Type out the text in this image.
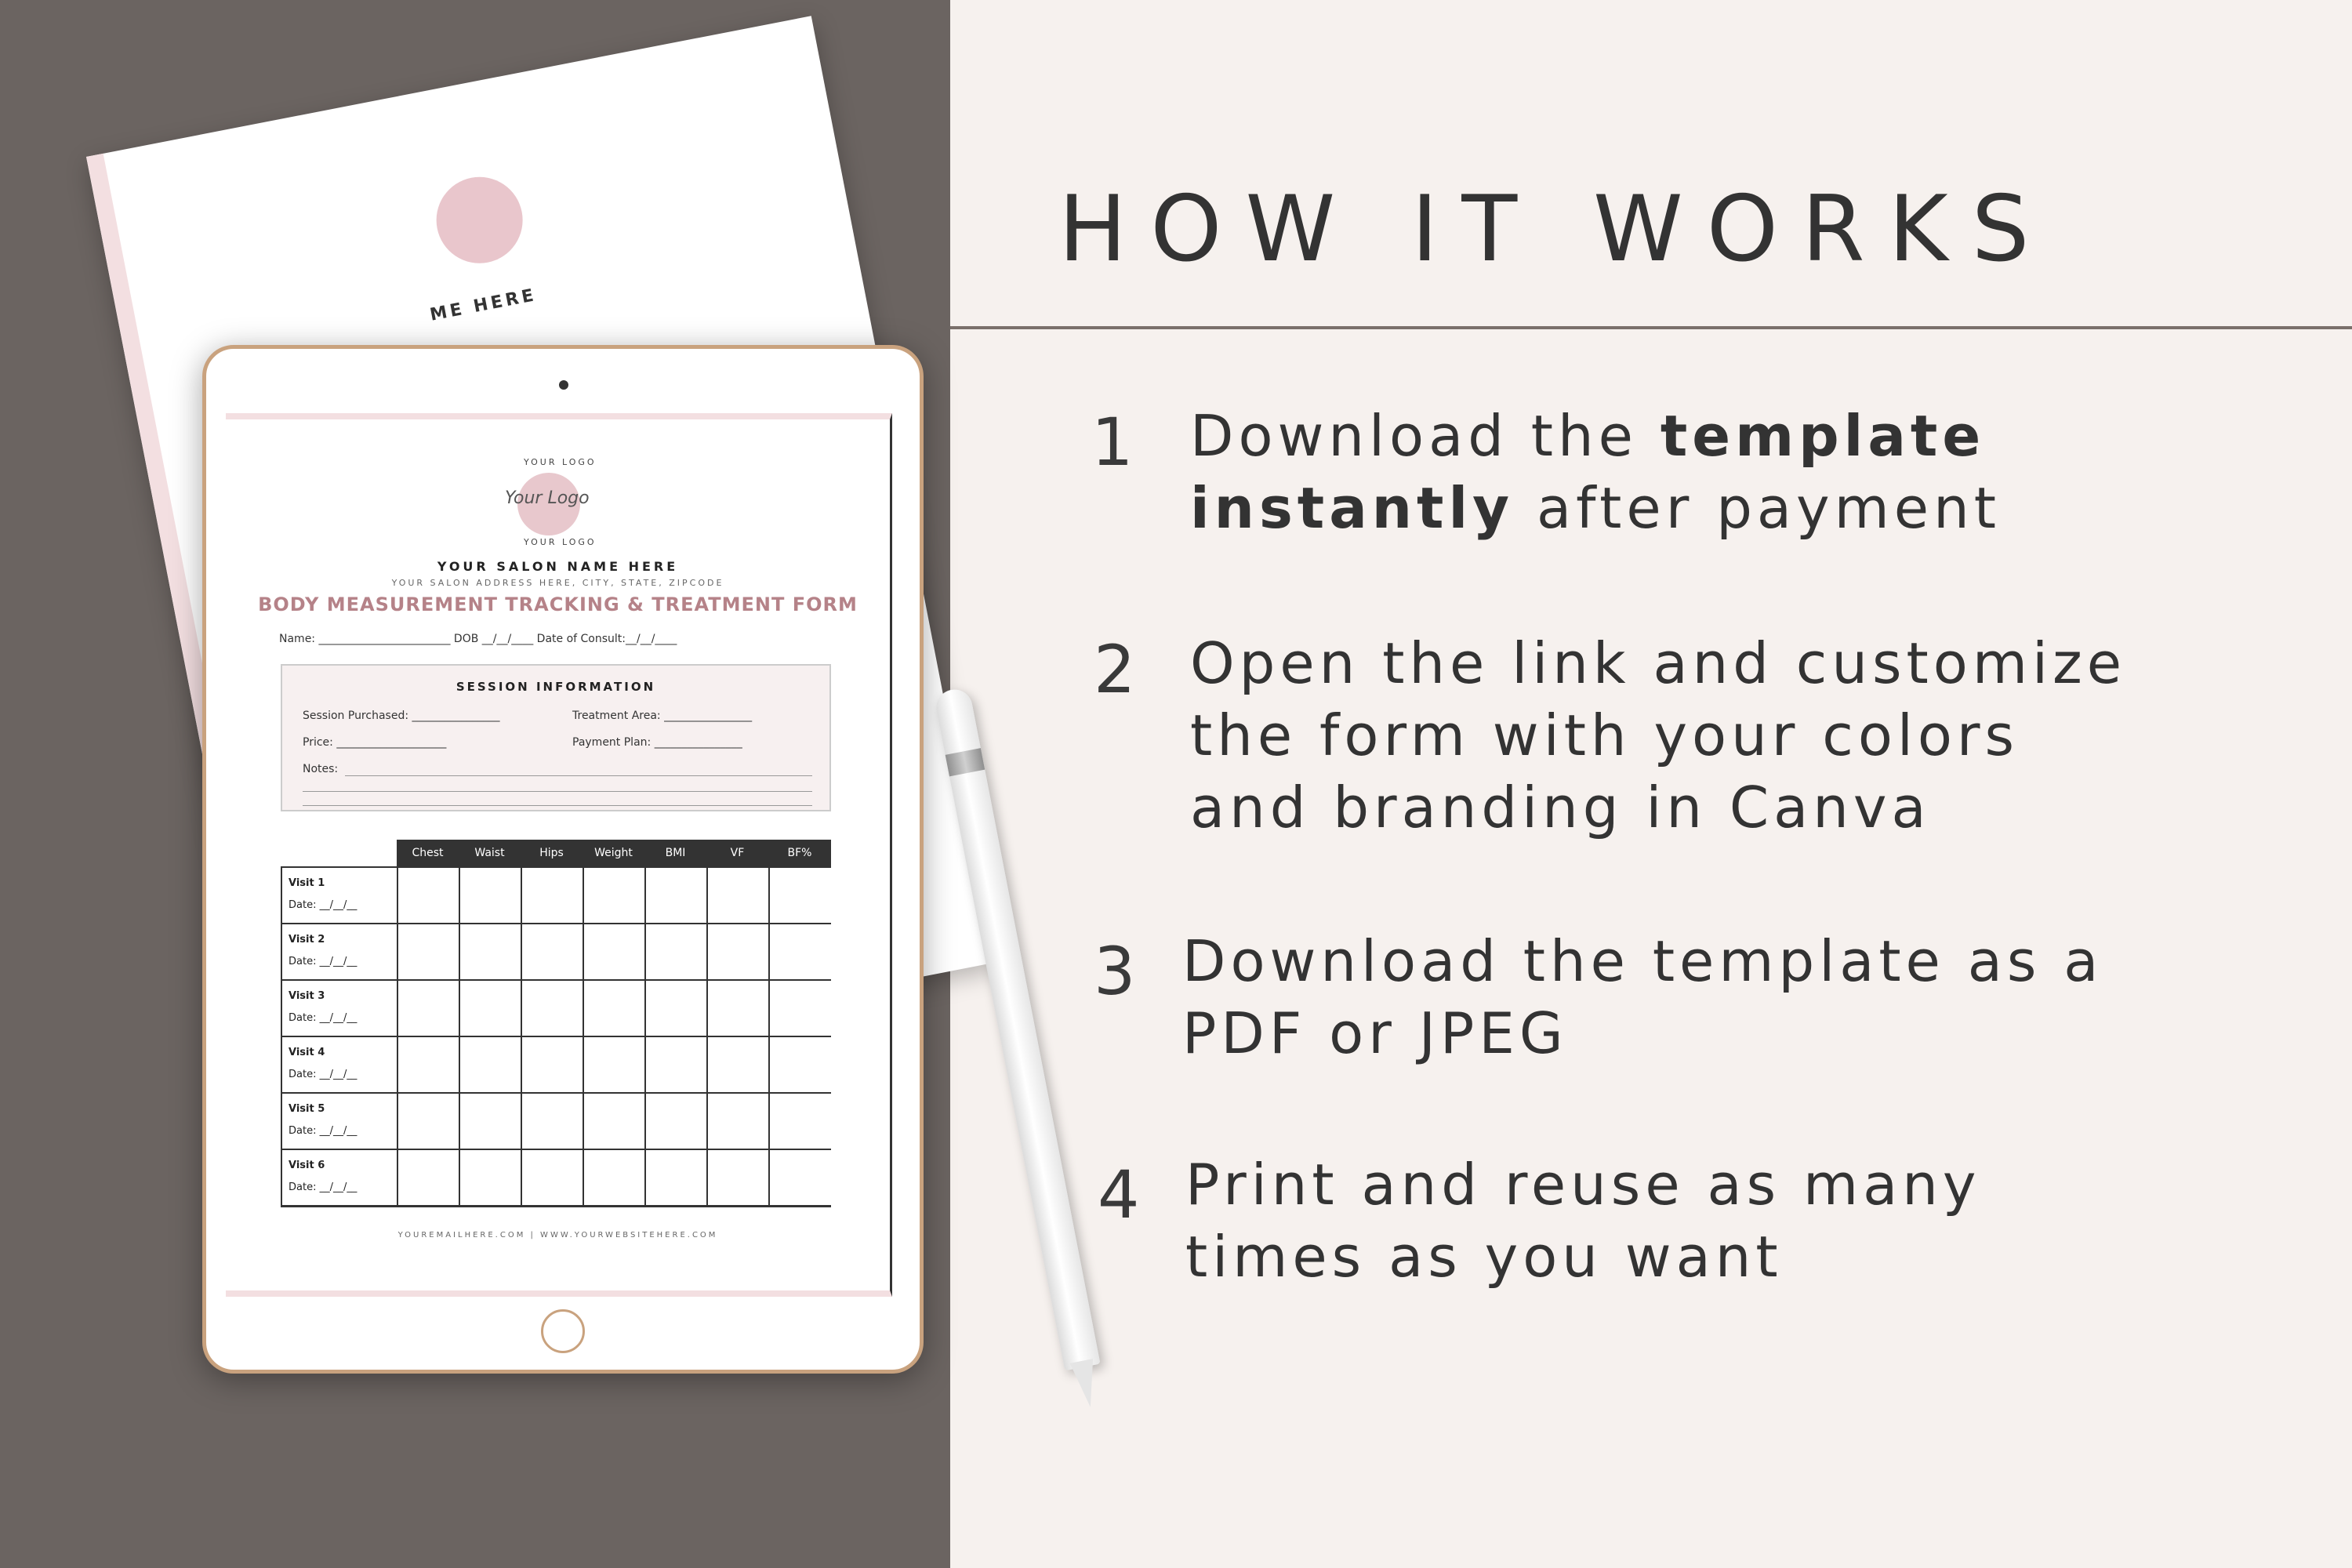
ME HERE
YOUR LOGO
Your Logo
YOUR LOGO
YOUR SALON NAME HERE
YOUR SALON ADDRESS HERE, CITY, STATE, ZIPCODE
BODY MEASUREMENT TRACKING & TREATMENT FORM
Name: ________________________ DOB __/__/____ Date of Consult:__/__/____
SESSION INFORMATION
Session Purchased: ________________	Treatment Area: ________________
Price: ____________________	Payment Plan: ________________
Notes:
Chest	Waist	Hips	Weight	BMI	VF	BF%
Visit 1
Date: __/__/__
Visit 2
Date: __/__/__
Visit 3
Date: __/__/__
Visit 4
Date: __/__/__
Visit 5
Date: __/__/__
Visit 6
Date: __/__/__
YOUREMAILHERE.COM | WWW.YOURWEBSITEHERE.COM
HOW IT WORKS
1 Download the template
instantly after payment
2 Open the link and customize
the form with your colors
and branding in Canva
3 Download the template as a
PDF or JPEG
4 Print and reuse as many
times as you want
